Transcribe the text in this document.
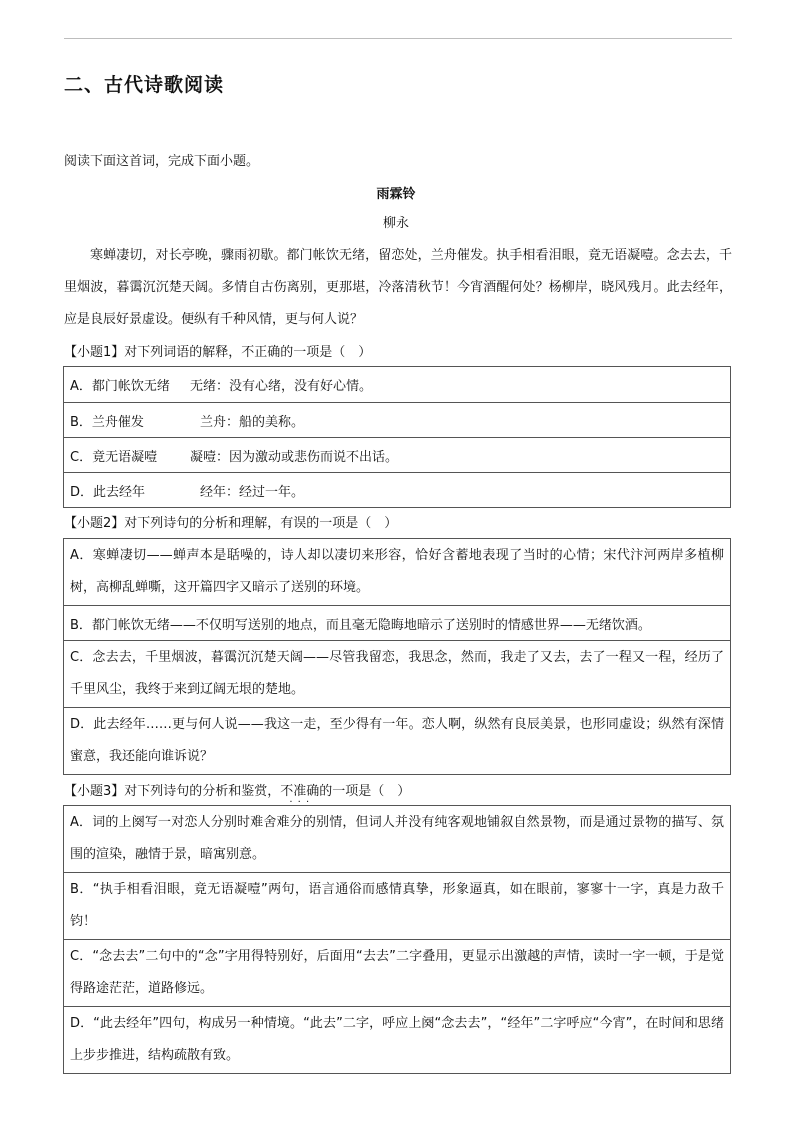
二、古代诗歌阅读
阅读下面这首词，完成下面小题。
雨霖铃
柳永
寒蝉凄切，对长亭晚，骤雨初歇。都门帐饮无绪，留恋处，兰舟催发。执手相看泪眼，竟无语凝噎。念去去，千里烟波，暮霭沉沉楚天阔。多情自古伤离别，更那堪，冷落清秋节！今宵酒醒何处？杨柳岸，晓风残月。此去经年，应是良辰好景虚设。便纵有千种风情，更与何人说？
【小题1】对下列词语的解释，不正确的一项是（　）
A．都门帐饮无绪	无绪：没有心绪，没有好心情。
B．兰舟催发	兰舟：船的美称。
C．竟无语凝噎	凝噎：因为激动或悲伤而说不出话。
D．此去经年	经年：经过一年。
【小题2】对下列诗句的分析和理解，有误的一项是（　）
A．寒蝉凄切——蝉声本是聒噪的，诗人却以凄切来形容，恰好含蓄地表现了当时的心情；宋代汴河两岸多植柳树，高柳乱蝉嘶，这开篇四字又暗示了送别的环境。
B．都门帐饮无绪——不仅明写送别的地点，而且毫无隐晦地暗示了送别时的情感世界——无绪饮酒。
C．念去去，千里烟波，暮霭沉沉楚天阔——尽管我留恋，我思念，然而，我走了又去，去了一程又一程，经历了千里风尘，我终于来到辽阔无垠的楚地。
D．此去经年……更与何人说——我这一走，至少得有一年。恋人啊，纵然有良辰美景，也形同虚设；纵然有深情蜜意，我还能向谁诉说？
【小题3】对下列诗句的分析和鉴赏，不准确 · · ·的一项是（　）
A．词的上阕写一对恋人分别时难舍难分的别情，但词人并没有纯客观地铺叙自然景物，而是通过景物的描写、氛围的渲染，融情于景，暗寓别意。
B．“执手相看泪眼，竟无语凝噎”两句，语言通俗而感情真挚，形象逼真，如在眼前，寥寥十一字，真是力敌千钧！
C．“念去去”二句中的“念”字用得特别好，后面用“去去”二字叠用，更显示出激越的声情，读时一字一顿，于是觉得路途茫茫，道路修远。
D．“此去经年”四句，构成另一种情境。“此去”二字，呼应上阕“念去去”，“经年”二字呼应“今宵”，在时间和思绪上步步推进，结构疏散有致。
